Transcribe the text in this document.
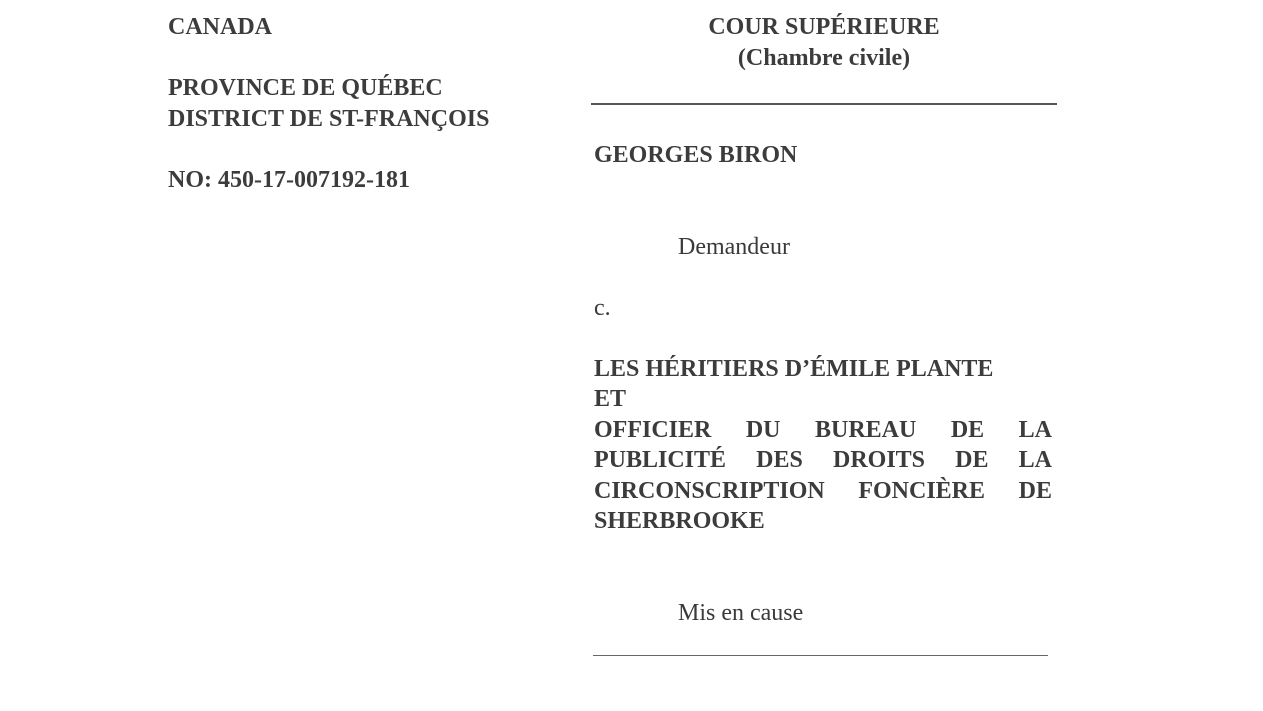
CANADA
PROVINCE DE QUÉBEC
DISTRICT DE ST-FRANÇOIS
NO: 450-17-007192-181
COUR SUPÉRIEURE
(Chambre civile)
GEORGES BIRON
Demandeur
c.
LES HÉRITIERS D’ÉMILE PLANTE
ET
OFFICIER DU BUREAU DE LA
PUBLICITÉ DES DROITS DE LA
CIRCONSCRIPTION FONCIÈRE DE
SHERBROOKE
Mis en cause
